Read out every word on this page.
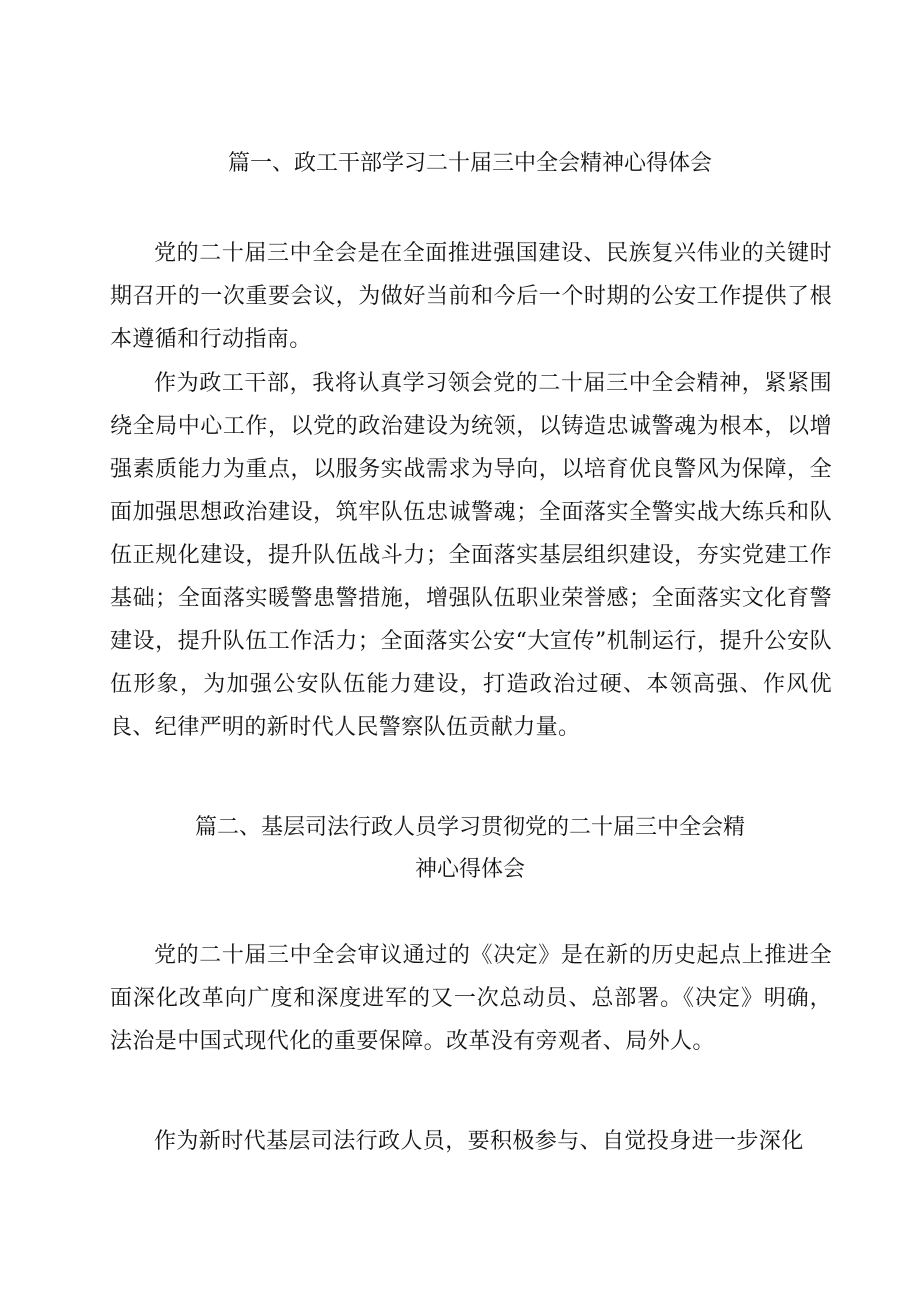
篇一、政工干部学习二十届三中全会精神心得体会

党的二十届三中全会是在全面推进强国建设、民族复兴伟业的关键时期召开的一次重要会议，为做好当前和今后一个时期的公安工作提供了根本遵循和行动指南。

作为政工干部，我将认真学习领会党的二十届三中全会精神，紧紧围绕全局中心工作，以党的政治建设为统领，以铸造忠诚警魂为根本，以增强素质能力为重点，以服务实战需求为导向，以培育优良警风为保障，全面加强思想政治建设，筑牢队伍忠诚警魂；全面落实全警实战大练兵和队伍正规化建设，提升队伍战斗力；全面落实基层组织建设，夯实党建工作基础；全面落实暖警患警措施，增强队伍职业荣誉感；全面落实文化育警建设，提升队伍工作活力；全面落实公安“大宣传”机制运行，提升公安队伍形象，为加强公安队伍能力建设，打造政治过硬、本领高强、作风优良、纪律严明的新时代人民警察队伍贡献力量。

篇二、基层司法行政人员学习贯彻党的二十届三中全会精
神心得体会

党的二十届三中全会审议通过的《决定》是在新的历史起点上推进全面深化改革向广度和深度进军的又一次总动员、总部署。《决定》明确，法治是中国式现代化的重要保障。改革没有旁观者、局外人。

作为新时代基层司法行政人员，要积极参与、自觉投身进一步深化
